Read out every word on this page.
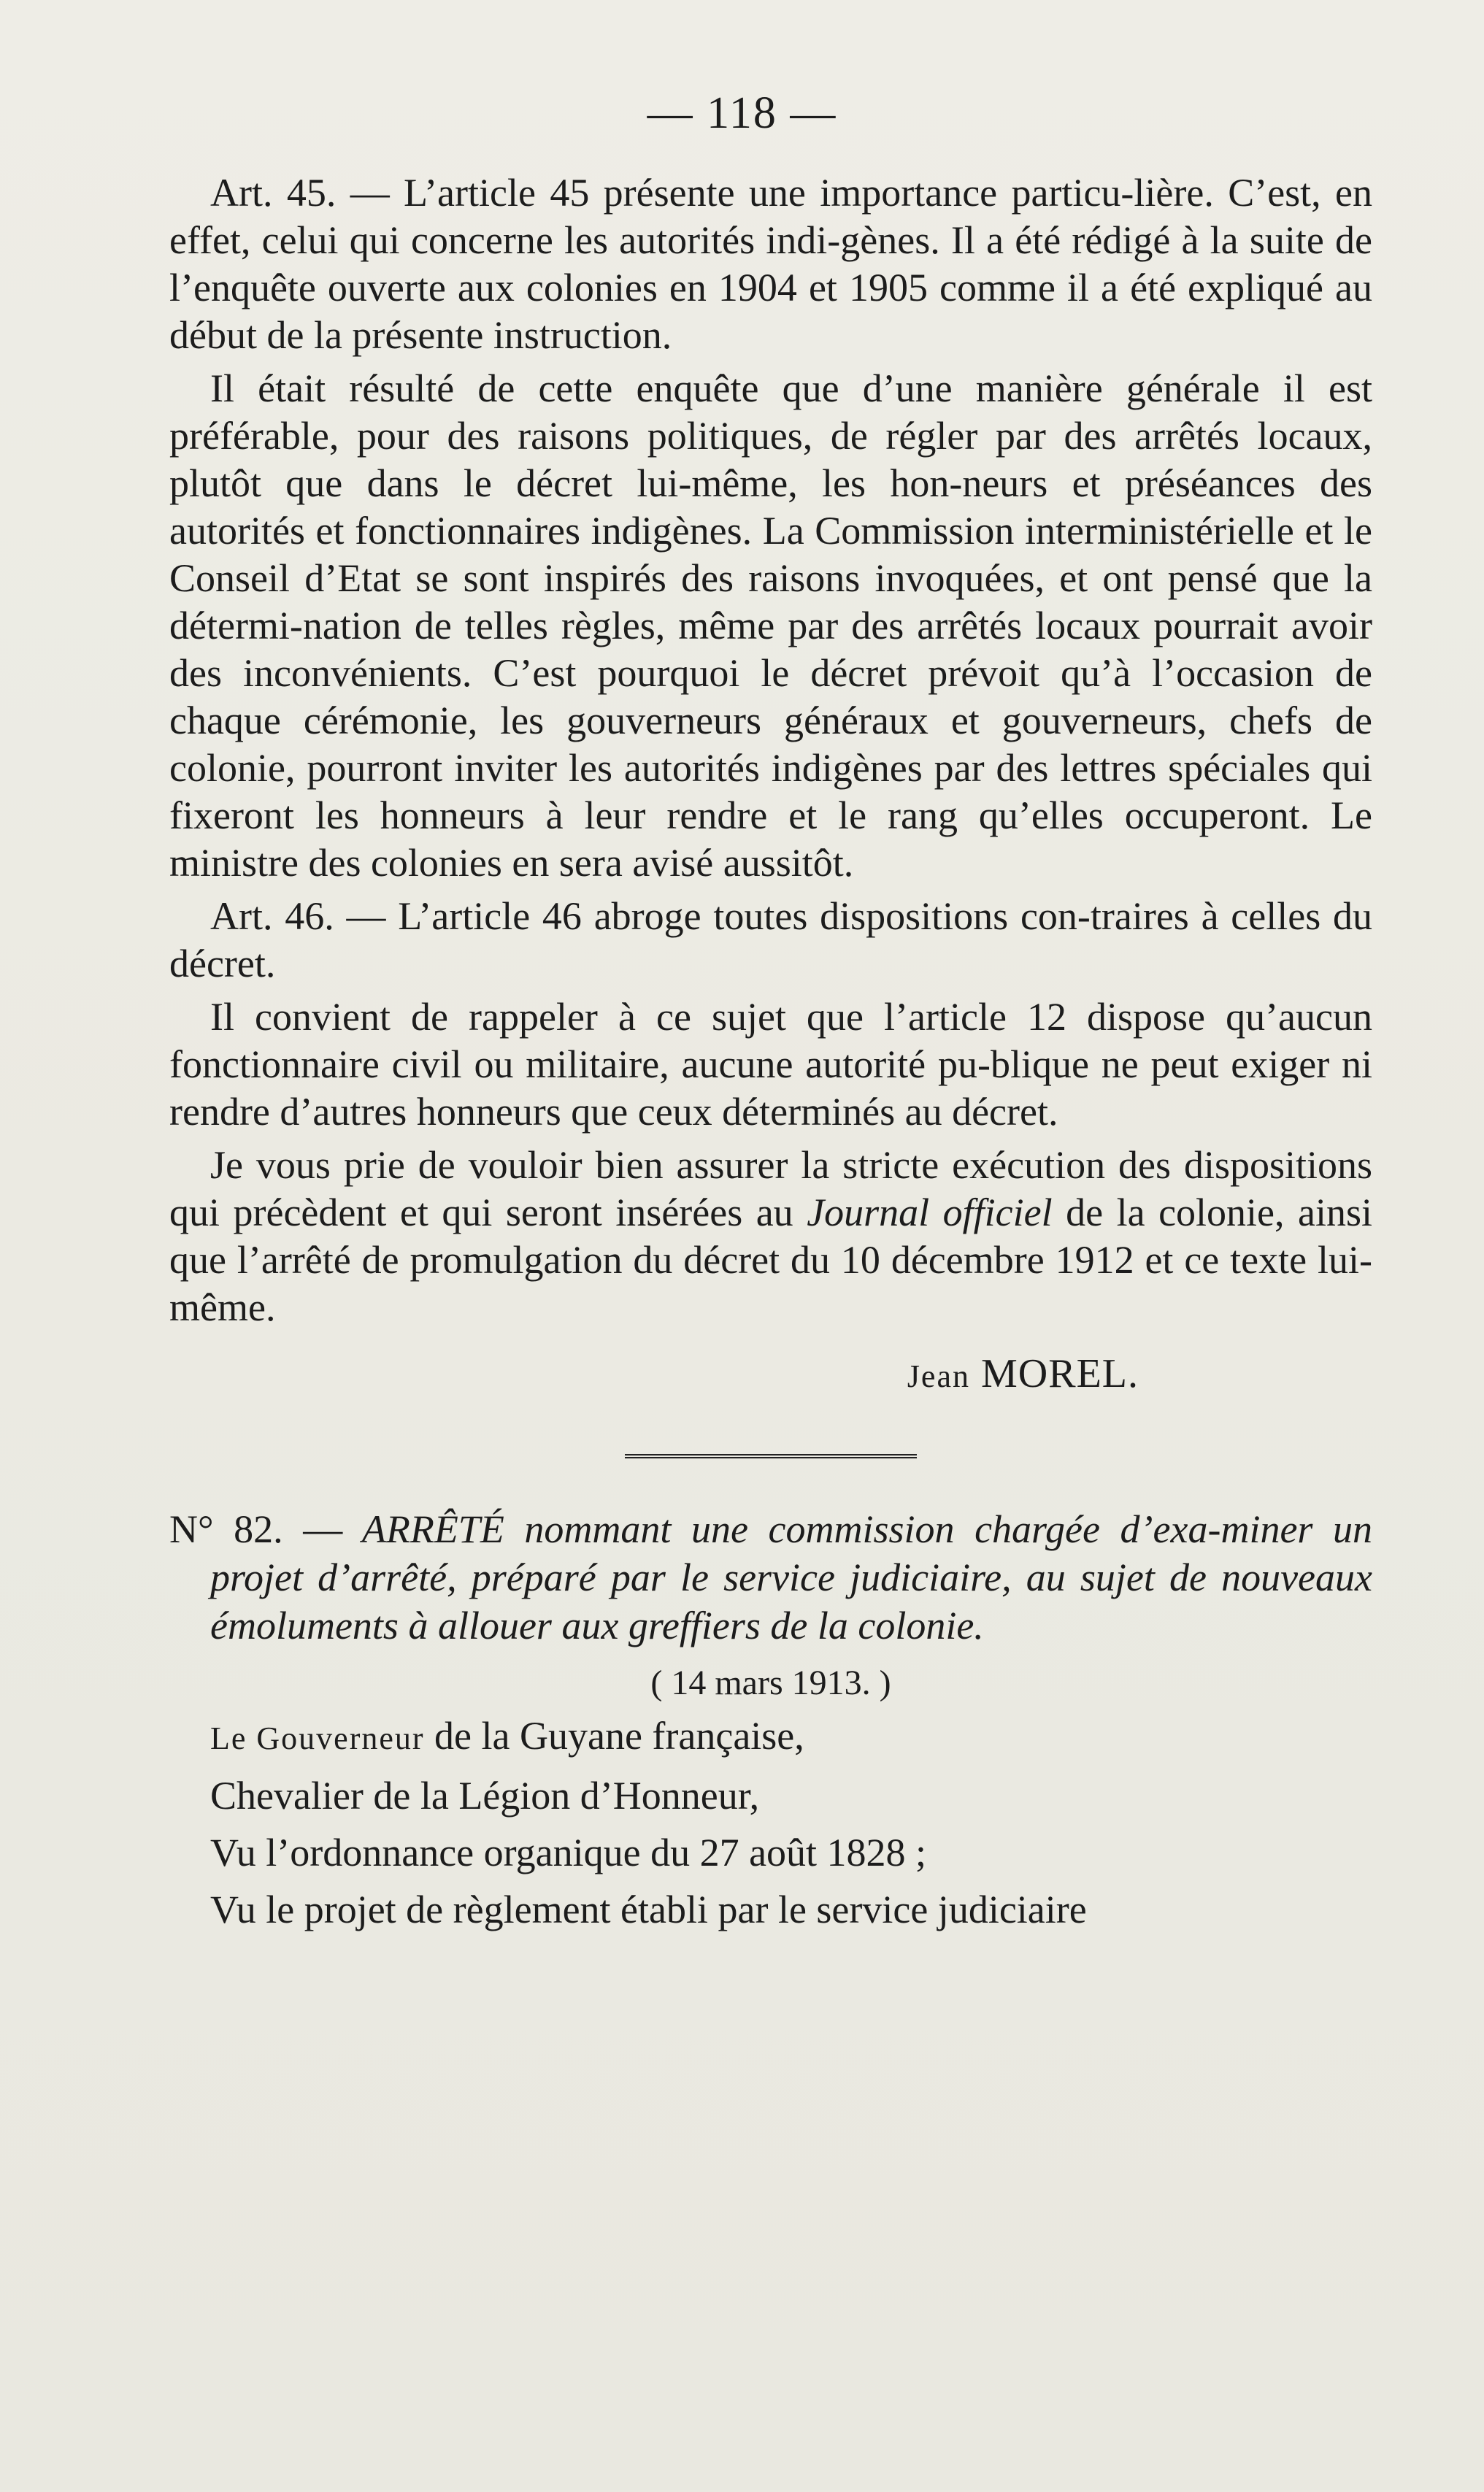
— 118 —

Art. 45. — L’article 45 présente une importance particu-lière. C’est, en effet, celui qui concerne les autorités indi-gènes. Il a été rédigé à la suite de l’enquête ouverte aux colonies en 1904 et 1905 comme il a été expliqué au début de la présente instruction.

Il était résulté de cette enquête que d’une manière générale il est préférable, pour des raisons politiques, de régler par des arrêtés locaux, plutôt que dans le décret lui-même, les hon-neurs et préséances des autorités et fonctionnaires indigènes. La Commission interministérielle et le Conseil d’Etat se sont inspirés des raisons invoquées, et ont pensé que la détermi-nation de telles règles, même par des arrêtés locaux pourrait avoir des inconvénients. C’est pourquoi le décret prévoit qu’à l’occasion de chaque cérémonie, les gouverneurs généraux et gouverneurs, chefs de colonie, pourront inviter les autorités indigènes par des lettres spéciales qui fixeront les honneurs à leur rendre et le rang qu’elles occuperont. Le ministre des colonies en sera avisé aussitôt.

Art. 46. — L’article 46 abroge toutes dispositions con-traires à celles du décret.

Il convient de rappeler à ce sujet que l’article 12 dispose qu’aucun fonctionnaire civil ou militaire, aucune autorité pu-blique ne peut exiger ni rendre d’autres honneurs que ceux déterminés au décret.

Je vous prie de vouloir bien assurer la stricte exécution des dispositions qui précèdent et qui seront insérées au Journal officiel de la colonie, ainsi que l’arrêté de promulgation du décret du 10 décembre 1912 et ce texte lui-même.

Jean MOREL.

N° 82. — ARRÊTÉ nommant une commission chargée d’exa-miner un projet d’arrêté, préparé par le service judiciaire, au sujet de nouveaux émoluments à allouer aux greffiers de la colonie.

( 14 mars 1913. )

Le Gouverneur de la Guyane française,

Chevalier de la Légion d’Honneur,

Vu l’ordonnance organique du 27 août 1828 ;

Vu le projet de règlement établi par le service judiciaire
